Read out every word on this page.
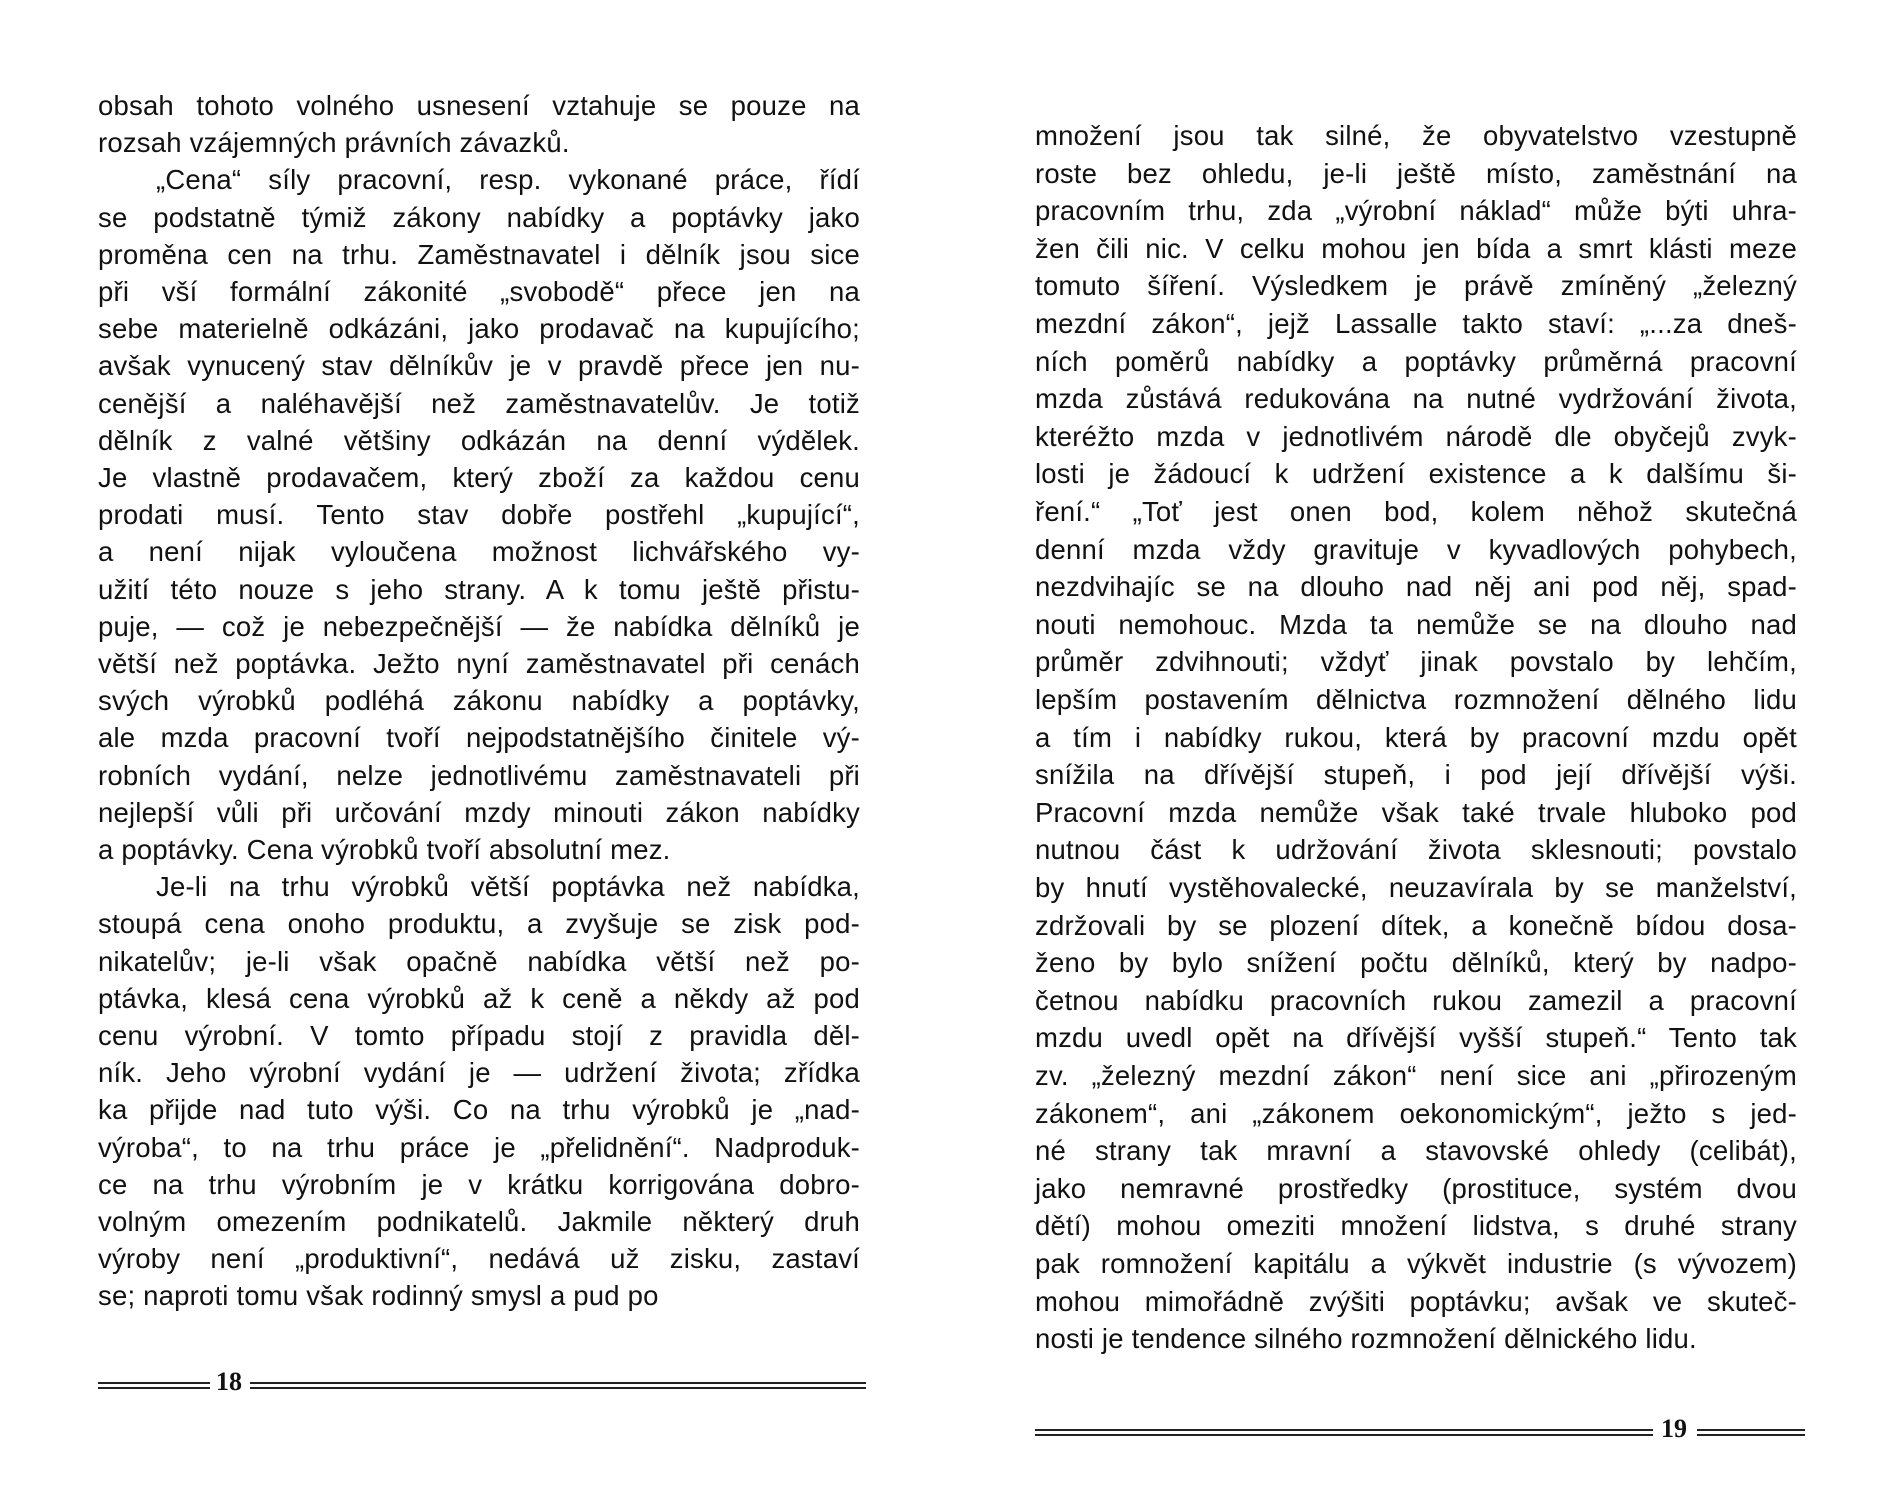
obsah tohoto volného usnesení vztahuje se pouze na
rozsah vzájemných právních závazků.
„Cena“ síly pracovní, resp. vykonané práce, řídí
se podstatně týmiž zákony nabídky a poptávky jako
proměna cen na trhu. Zaměstnavatel i dělník jsou sice
při vší formální zákonité „svobodě“ přece jen na
sebe materielně odkázáni, jako prodavač na kupujícího;
avšak vynucený stav dělníkův je v pravdě přece jen nu-
cenější a naléhavější než zaměstnavatelův. Je totiž
dělník z valné většiny odkázán na denní výdělek.
Je vlastně prodavačem, který zboží za každou cenu
prodati musí. Tento stav dobře postřehl „kupující“,
a není nijak vyloučena možnost lichvářského vy-
užití této nouze s jeho strany. A k tomu ještě přistu-
puje, — což je nebezpečnější — že nabídka dělníků je
větší než poptávka. Ježto nyní zaměstnavatel při cenách
svých výrobků podléhá zákonu nabídky a poptávky,
ale mzda pracovní tvoří nejpodstatnějšího činitele vý-
robních vydání, nelze jednotlivému zaměstnavateli při
nejlepší vůli při určování mzdy minouti zákon nabídky
a poptávky. Cena výrobků tvoří absolutní mez.
Je-li na trhu výrobků větší poptávka než nabídka,
stoupá cena onoho produktu, a zvyšuje se zisk pod-
nikatelův; je-li však opačně nabídka větší než po-
ptávka, klesá cena výrobků až k ceně a někdy až pod
cenu výrobní. V tomto případu stojí z pravidla děl-
ník. Jeho výrobní vydání je — udržení života; zřídka
ka přijde nad tuto výši. Co na trhu výrobků je „nad-
výroba“, to na trhu práce je „přelidnění“. Nadproduk-
ce na trhu výrobním je v krátku korrigována dobro-
volným omezením podnikatelů. Jakmile některý druh
výroby není „produktivní“, nedává už zisku, zastaví
se; naproti tomu však rodinný smysl a pud po
množení jsou tak silné, že obyvatelstvo vzestupně
roste bez ohledu, je-li ještě místo, zaměstnání na
pracovním trhu, zda „výrobní náklad“ může býti uhra-
žen čili nic. V celku mohou jen bída a smrt klásti meze
tomuto šíření. Výsledkem je právě zmíněný „železný
mezdní zákon“, jejž Lassalle takto staví: „...za dneš-
ních poměrů nabídky a poptávky průměrná pracovní
mzda zůstává redukována na nutné vydržování života,
kteréžto mzda v jednotlivém národě dle obyčejů zvyk-
losti je žádoucí k udržení existence a k dalšímu ši-
ření.“ „Toť jest onen bod, kolem něhož skutečná
denní mzda vždy gravituje v kyvadlových pohybech,
nezdvihajíc se na dlouho nad něj ani pod něj, spad-
nouti nemohouc. Mzda ta nemůže se na dlouho nad
průměr zdvihnouti; vždyť jinak povstalo by lehčím,
lepším postavením dělnictva rozmnožení dělného lidu
a tím i nabídky rukou, která by pracovní mzdu opět
snížila na dřívější stupeň, i pod její dřívější výši.
Pracovní mzda nemůže však také trvale hluboko pod
nutnou část k udržování života sklesnouti; povstalo
by hnutí vystěhovalecké, neuzavírala by se manželství,
zdržovali by se plození dítek, a konečně bídou dosa-
ženo by bylo snížení počtu dělníků, který by nadpo-
četnou nabídku pracovních rukou zamezil a pracovní
mzdu uvedl opět na dřívější vyšší stupeň.“ Tento tak
zv. „železný mezdní zákon“ není sice ani „přirozeným
zákonem“, ani „zákonem oekonomickým“, ježto s jed-
né strany tak mravní a stavovské ohledy (celibát),
jako nemravné prostředky (prostituce, systém dvou
dětí) mohou omeziti množení lidstva, s druhé strany
pak romnožení kapitálu a výkvět industrie (s vývozem)
mohou mimořádně zvýšiti poptávku; avšak ve skuteč-
nosti je tendence silného rozmnožení dělnického lidu.
18
19
